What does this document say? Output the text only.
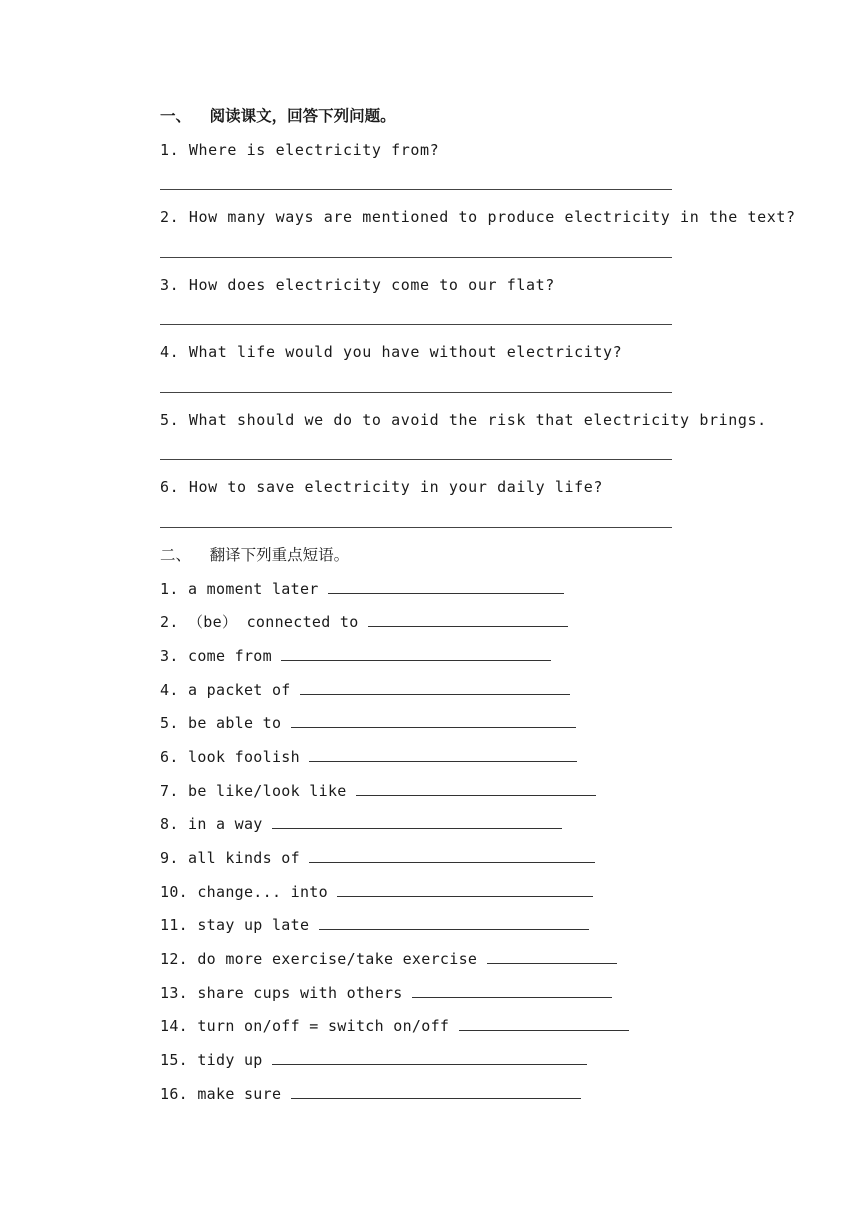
一、  阅读课文，回答下列问题。
1. Where is electricity from?
2. How many ways are mentioned to produce electricity in the text?
3. How does electricity come to our flat?
4. What life would you have without electricity?
5. What should we do to avoid the risk that electricity brings.
6. How to save electricity in your daily life?
二、  翻译下列重点短语。
1. a moment later
2. （be） connected to
3. come from
4. a packet of
5. be able to
6. look foolish
7. be like/look like
8. in a way
9. all kinds of
10. change... into
11. stay up late
12. do more exercise/take exercise
13. share cups with others
14. turn on/off = switch on/off
15. tidy up
16. make sure
